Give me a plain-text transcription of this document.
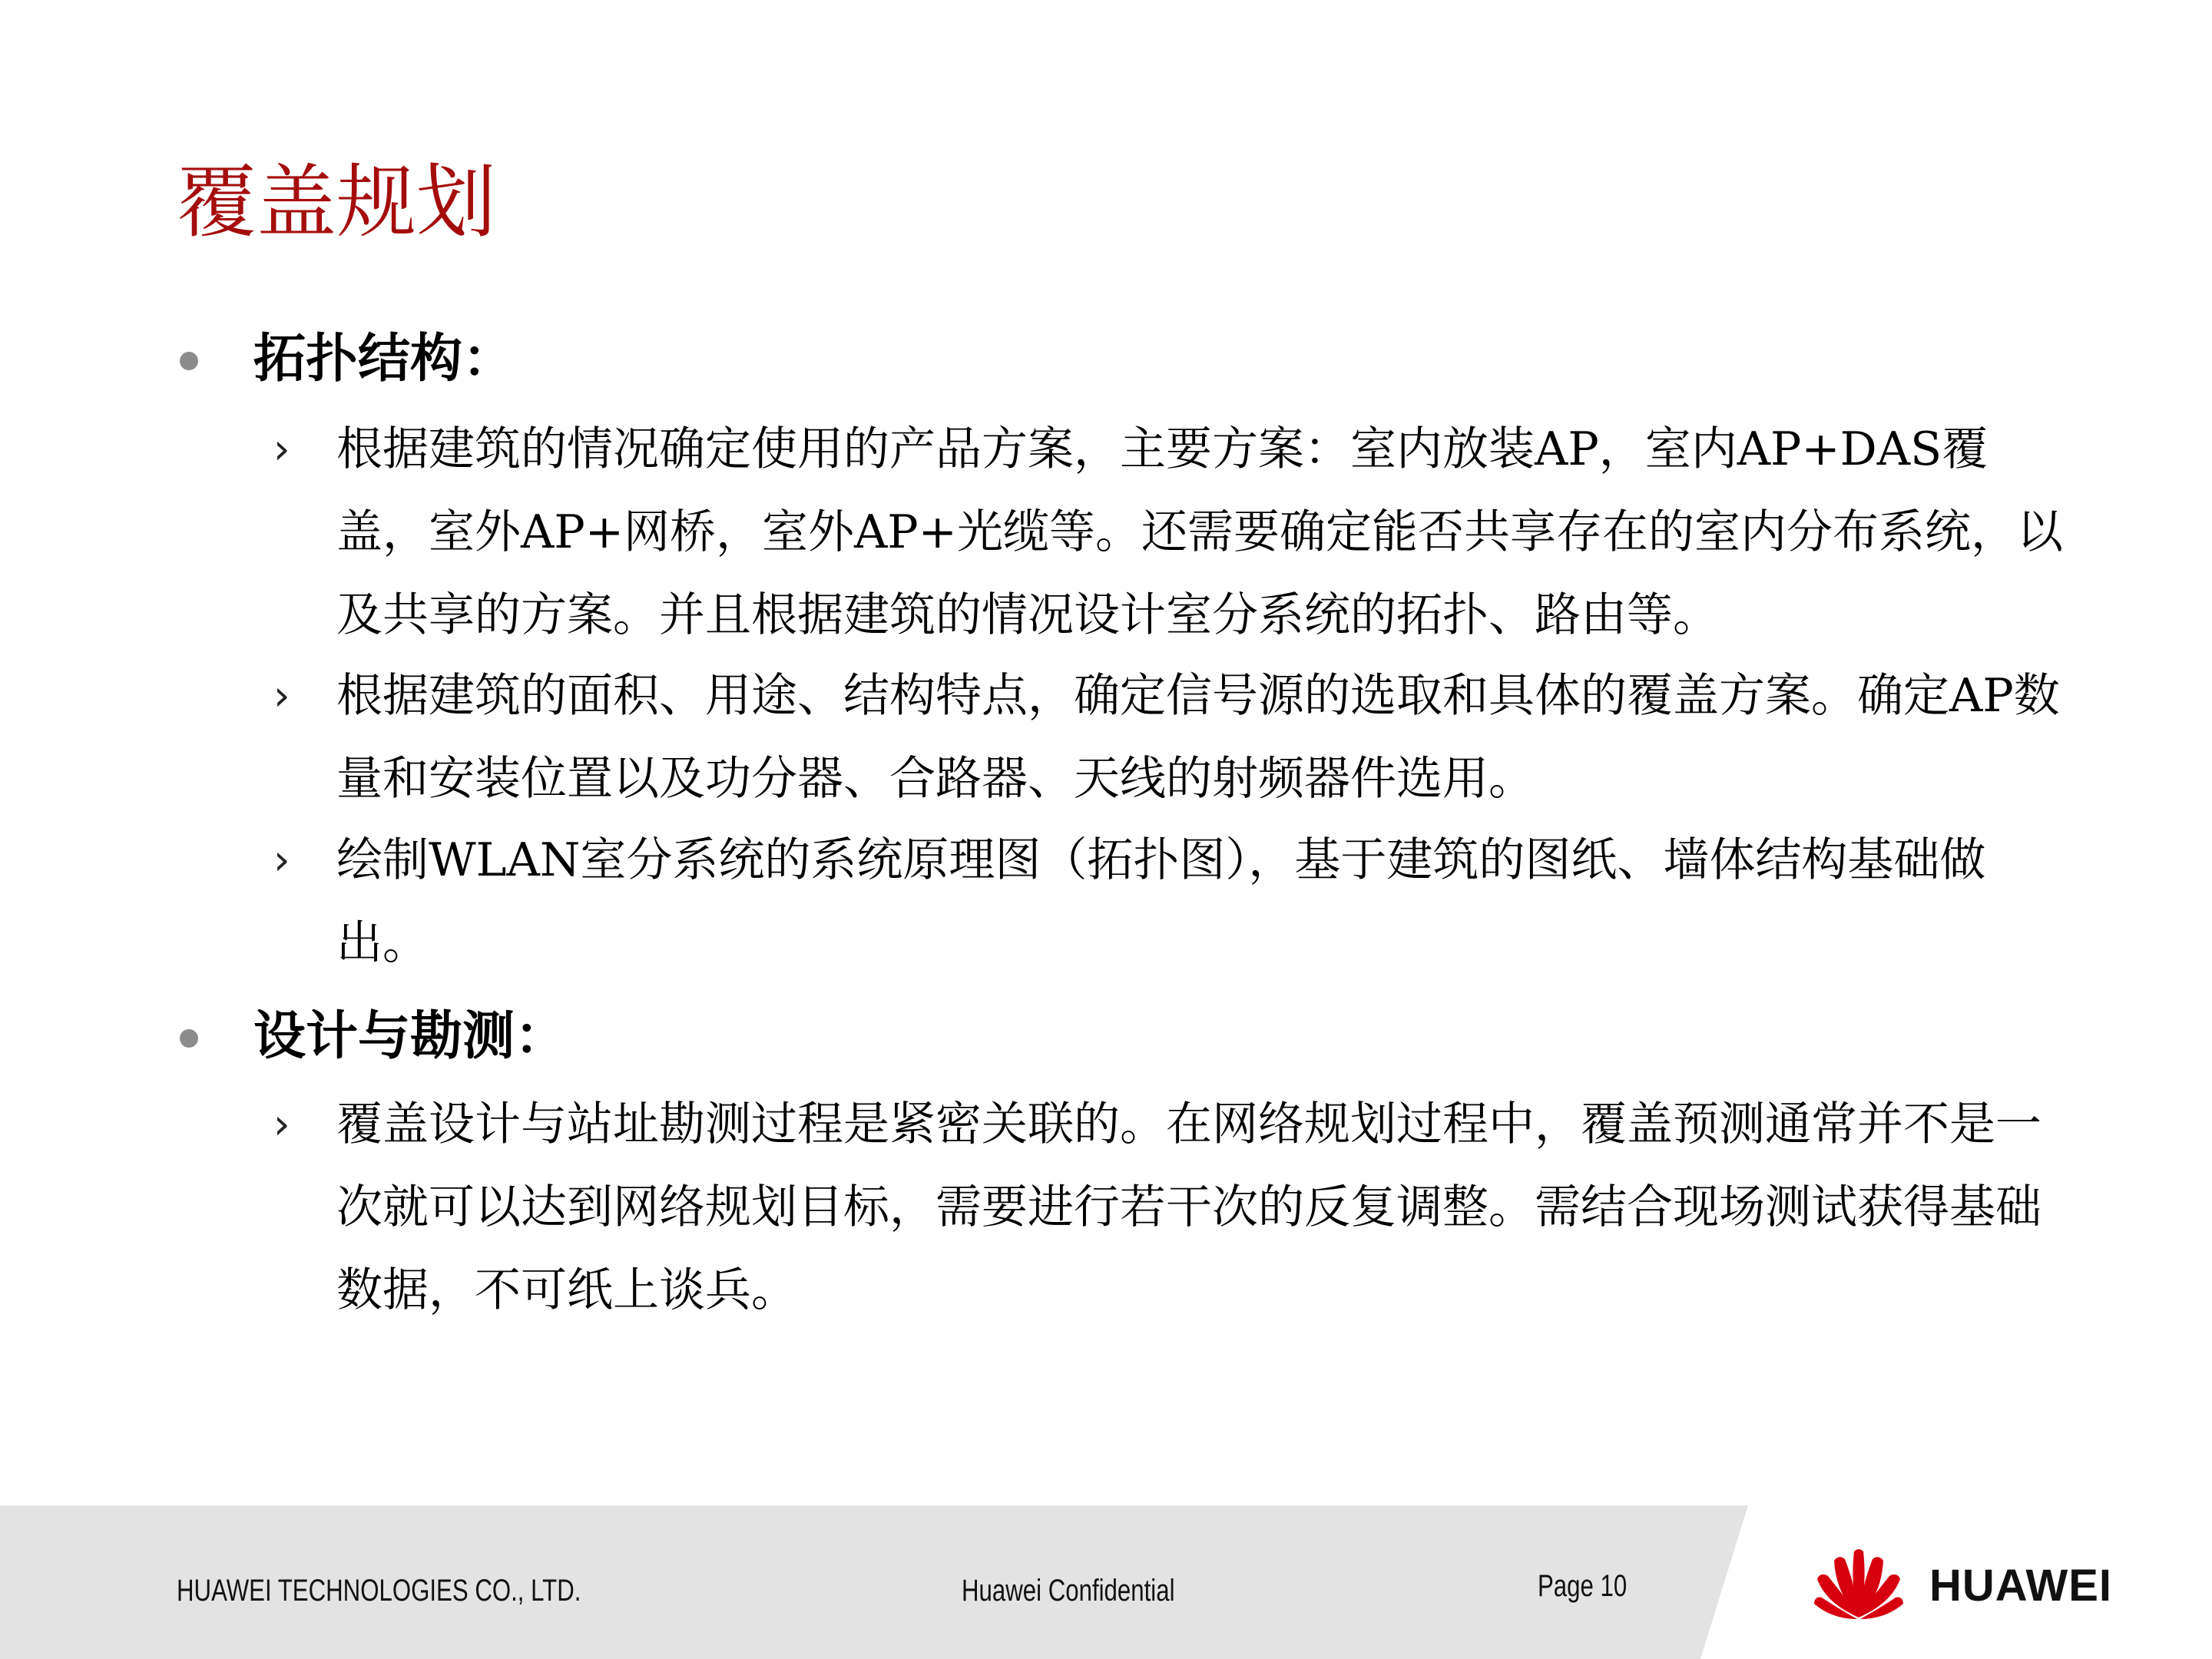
覆盖规划
拓扑结构：
› 根据建筑的情况确定使用的产品方案，主要方案：室内放装AP，室内AP+DAS覆盖，室外AP+网桥，室外AP+光缆等。还需要确定能否共享存在的室内分布系统，以及共享的方案。并且根据建筑的情况设计室分系统的拓扑、路由等。
› 根据建筑的面积、用途、结构特点，确定信号源的选取和具体的覆盖方案。确定AP数量和安装位置以及功分器、合路器、天线的射频器件选用。
› 绘制WLAN室分系统的系统原理图（拓扑图），基于建筑的图纸、墙体结构基础做出。
设计与勘测：
› 覆盖设计与站址勘测过程是紧密关联的。在网络规划过程中，覆盖预测通常并不是一次就可以达到网络规划目标，需要进行若干次的反复调整。需结合现场测试获得基础数据，不可纸上谈兵。
HUAWEI TECHNOLOGIES CO., LTD.	Huawei Confidential	Page 10	HUAWEI
